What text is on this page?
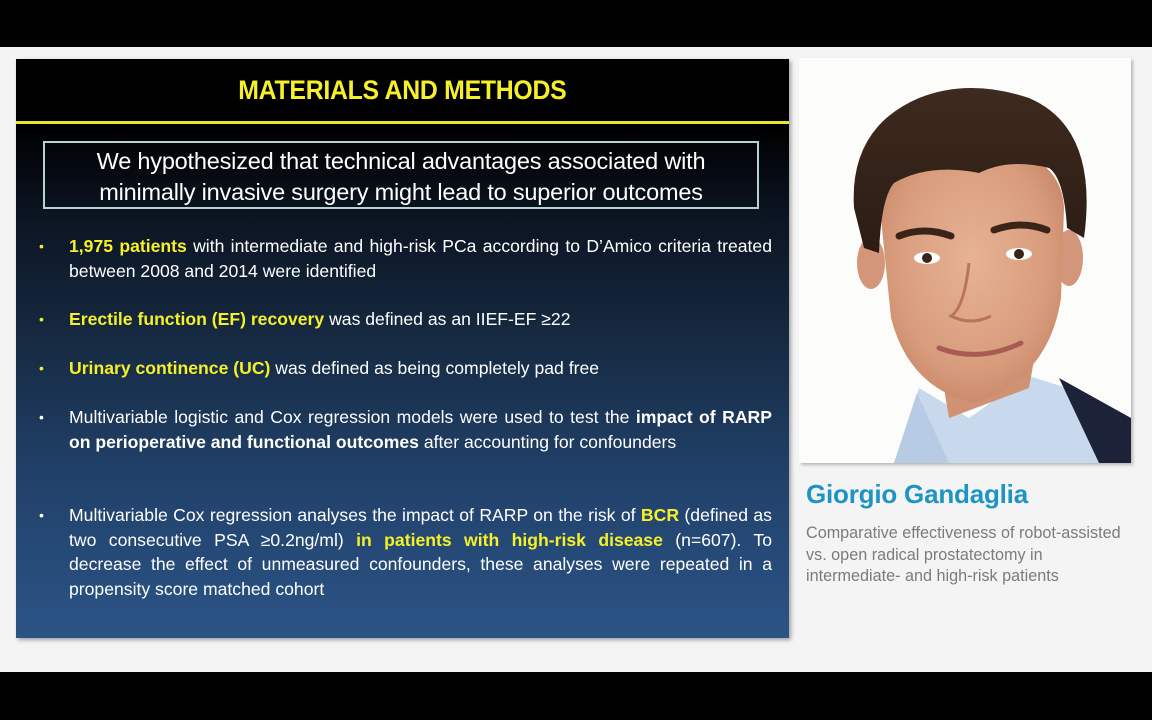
MATERIALS AND METHODS
We hypothesized that technical advantages associated with
minimally invasive surgery might lead to superior outcomes
•	1,975 patients with intermediate and high-risk PCa according to D’Amico criteria treated between 2008 and 2014 were identified
•	Erectile function (EF) recovery was defined as an IIEF-EF ≥22
•	Urinary continence (UC) was defined as being completely pad free
•	Multivariable logistic and Cox regression models were used to test the impact of RARP on perioperative and functional outcomes after accounting for confounders
•	Multivariable Cox regression analyses the impact of RARP on the risk of BCR (defined as two consecutive PSA ≥0.2ng/ml) in patients with high-risk disease (n=607). To decrease the effect of unmeasured confounders, these analyses were repeated in a propensity score matched cohort
Giorgio Gandaglia
Comparative effectiveness of robot-assisted vs. open radical prostatectomy in intermediate- and high-risk patients
